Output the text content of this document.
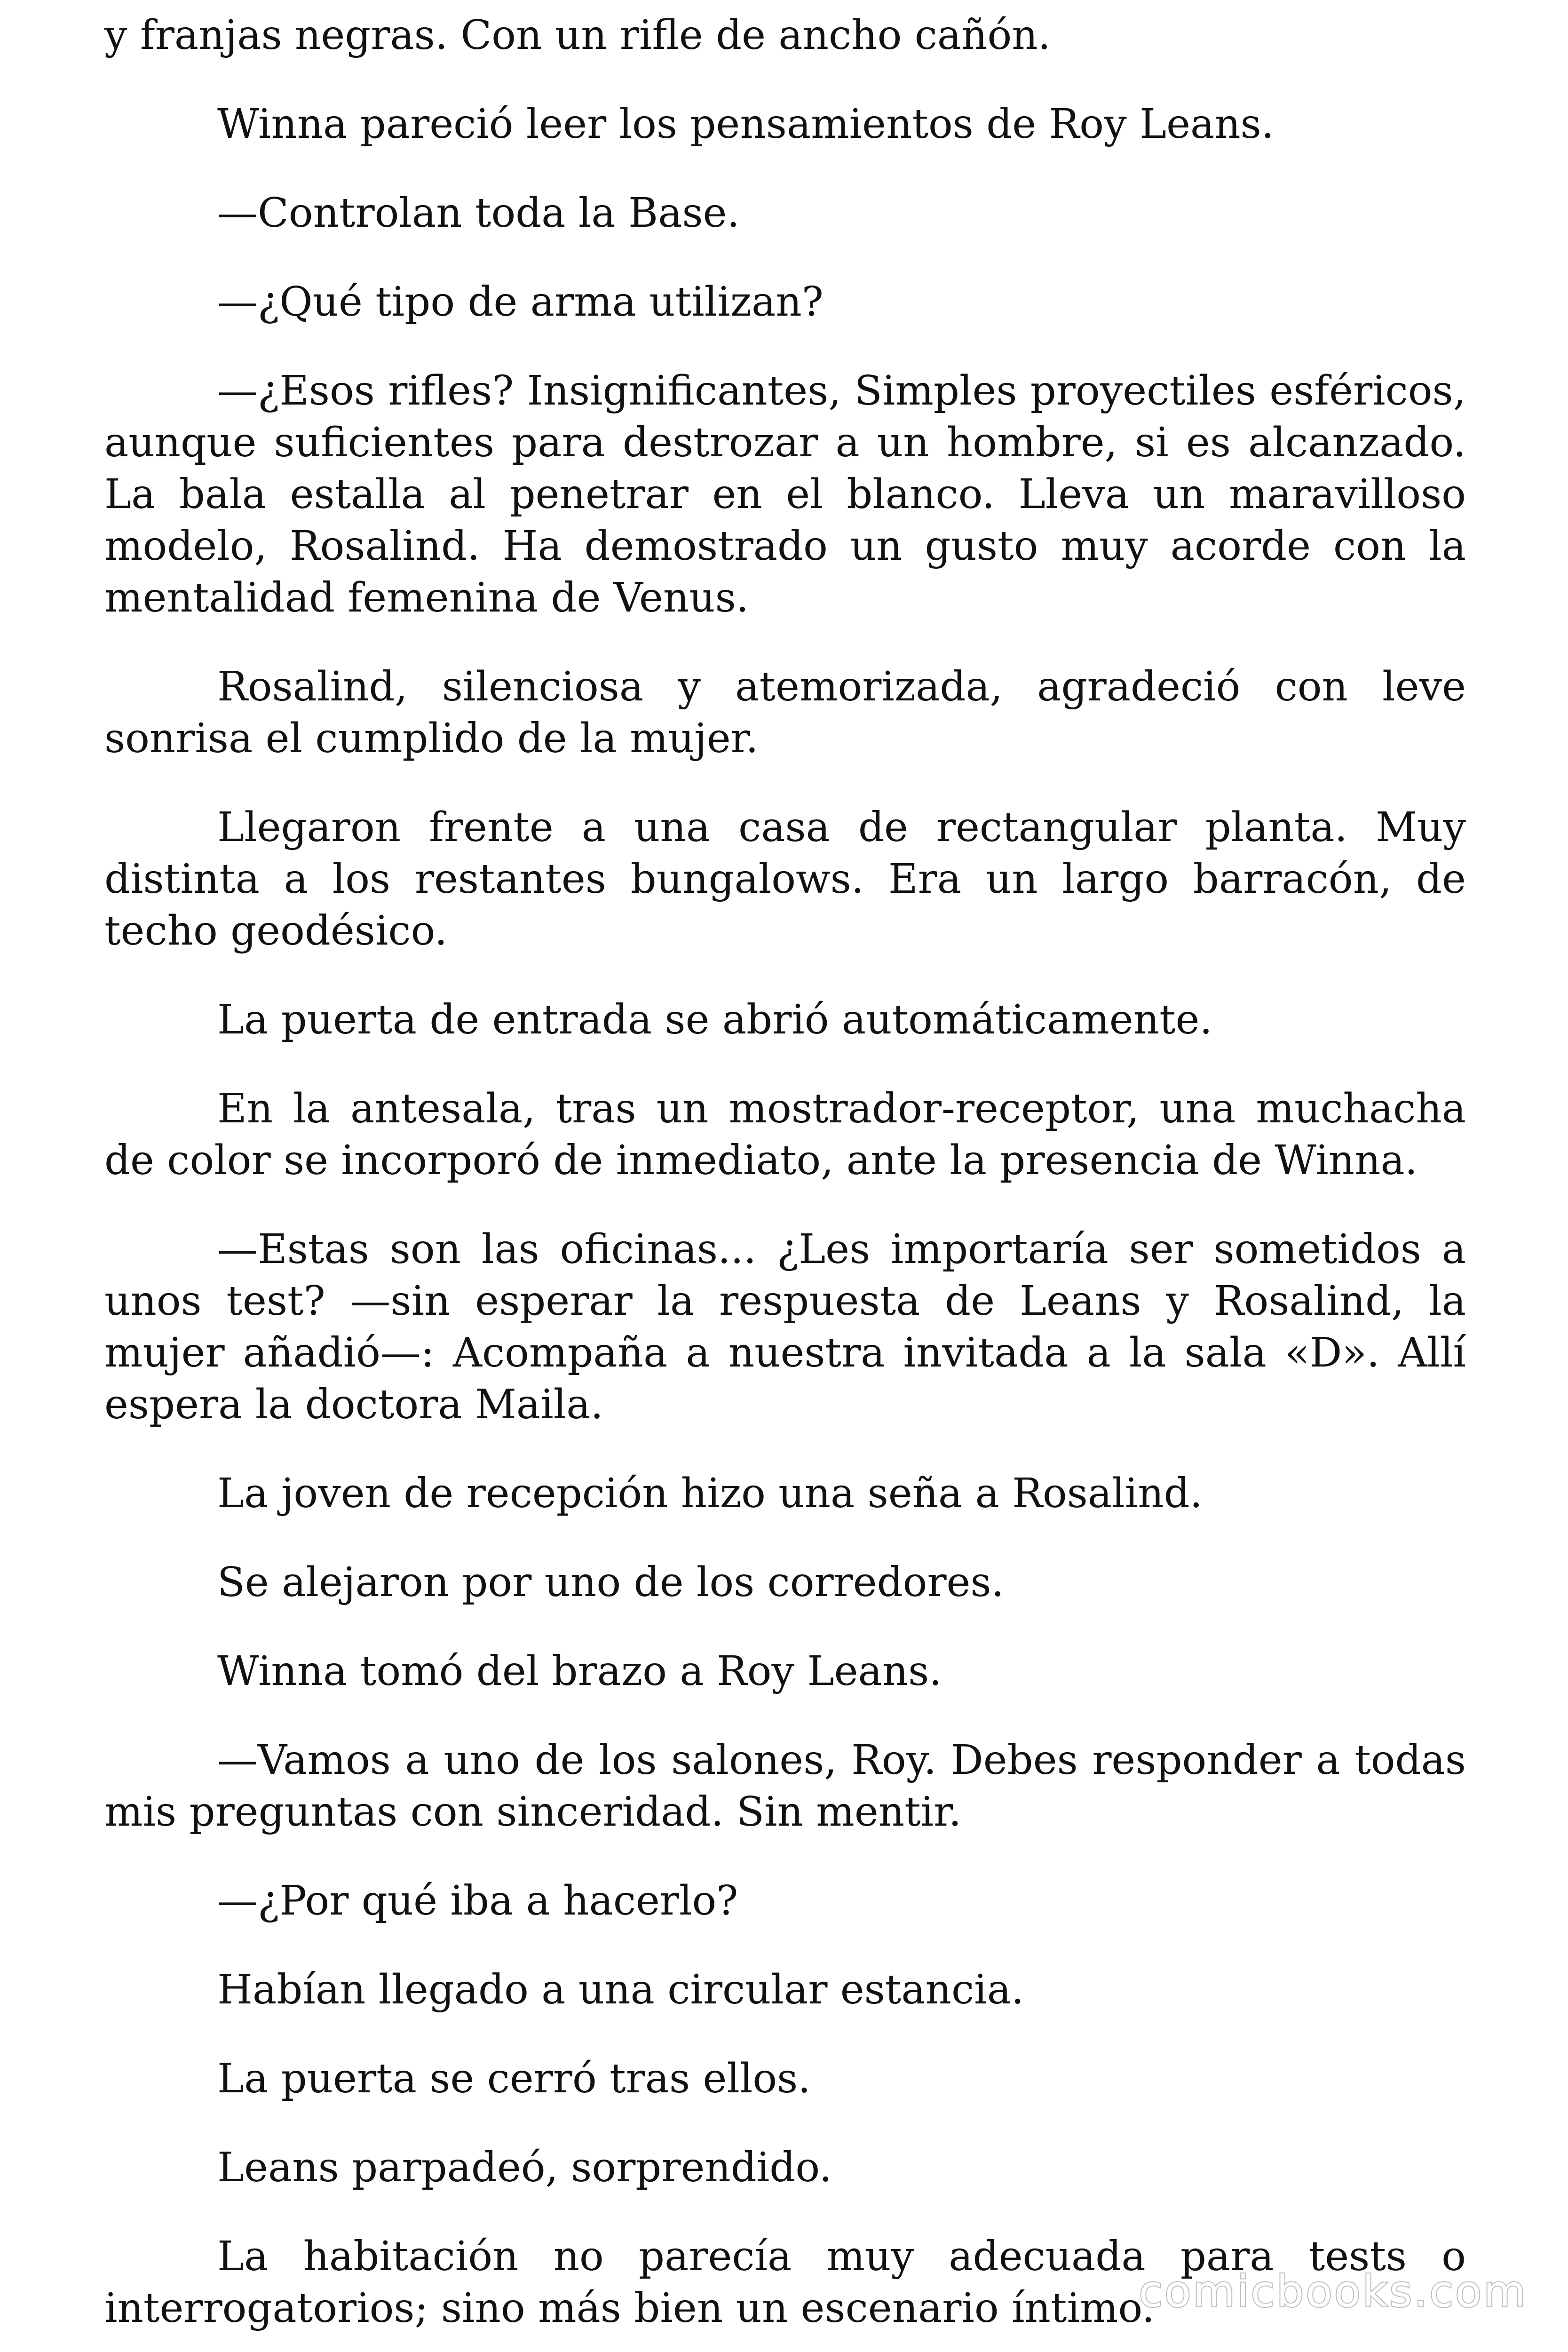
y franjas negras. Con un rifle de ancho cañón.

Winna pareció leer los pensamientos de Roy Leans.

—Controlan toda la Base.

—¿Qué tipo de arma utilizan?

—¿Esos rifles? Insignificantes, Simples proyectiles esféricos, aunque suficientes para destrozar a un hombre, si es alcanzado. La bala estalla al penetrar en el blanco. Lleva un maravilloso modelo, Rosalind. Ha demostrado un gusto muy acorde con la mentalidad femenina de Venus.

Rosalind, silenciosa y atemorizada, agradeció con leve sonrisa el cumplido de la mujer.

Llegaron frente a una casa de rectangular planta. Muy distinta a los restantes bungalows. Era un largo barracón, de techo geodésico.

La puerta de entrada se abrió automáticamente.

En la antesala, tras un mostrador-receptor, una muchacha de color se incorporó de inmediato, ante la presencia de Winna.

—Estas son las oficinas... ¿Les importaría ser sometidos a unos test? —sin esperar la respuesta de Leans y Rosalind, la mujer añadió—: Acompaña a nuestra invitada a la sala «D». Allí espera la doctora Maila.

La joven de recepción hizo una seña a Rosalind.

Se alejaron por uno de los corredores.

Winna tomó del brazo a Roy Leans.

—Vamos a uno de los salones, Roy. Debes responder a todas mis preguntas con sinceridad. Sin mentir.

—¿Por qué iba a hacerlo?

Habían llegado a una circular estancia.

La puerta se cerró tras ellos.

Leans parpadeó, sorprendido.

La habitación no parecía muy adecuada para tests o interrogatorios; sino más bien un escenario íntimo.

comicbooks.com
